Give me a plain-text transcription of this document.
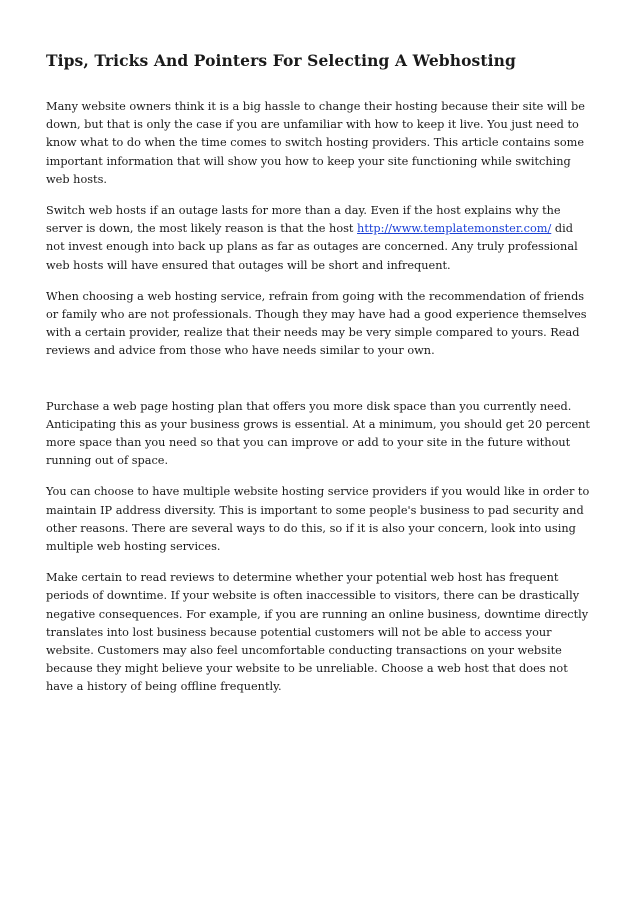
Tips, Tricks And Pointers For Selecting A Webhosting

Many website owners think it is a big hassle to change their hosting because their site will be down, but that is only the case if you are unfamiliar with how to keep it live. You just need to know what to do when the time comes to switch hosting providers. This article contains some important information that will show you how to keep your site functioning while switching web hosts.

Switch web hosts if an outage lasts for more than a day. Even if the host explains why the server is down, the most likely reason is that the host http://www.templatemonster.com/ did not invest enough into back up plans as far as outages are concerned. Any truly professional web hosts will have ensured that outages will be short and infrequent.

When choosing a web hosting service, refrain from going with the recommendation of friends or family who are not professionals. Though they may have had a good experience themselves with a certain provider, realize that their needs may be very simple compared to yours. Read reviews and advice from those who have needs similar to your own.

Purchase a web page hosting plan that offers you more disk space than you currently need. Anticipating this as your business grows is essential. At a minimum, you should get 20 percent more space than you need so that you can improve or add to your site in the future without running out of space.

You can choose to have multiple website hosting service providers if you would like in order to maintain IP address diversity. This is important to some people's business to pad security and other reasons. There are several ways to do this, so if it is also your concern, look into using multiple web hosting services.

Make certain to read reviews to determine whether your potential web host has frequent periods of downtime. If your website is often inaccessible to visitors, there can be drastically negative consequences. For example, if you are running an online business, downtime directly translates into lost business because potential customers will not be able to access your website. Customers may also feel uncomfortable conducting transactions on your website because they might believe your website to be unreliable. Choose a web host that does not have a history of being offline frequently.
